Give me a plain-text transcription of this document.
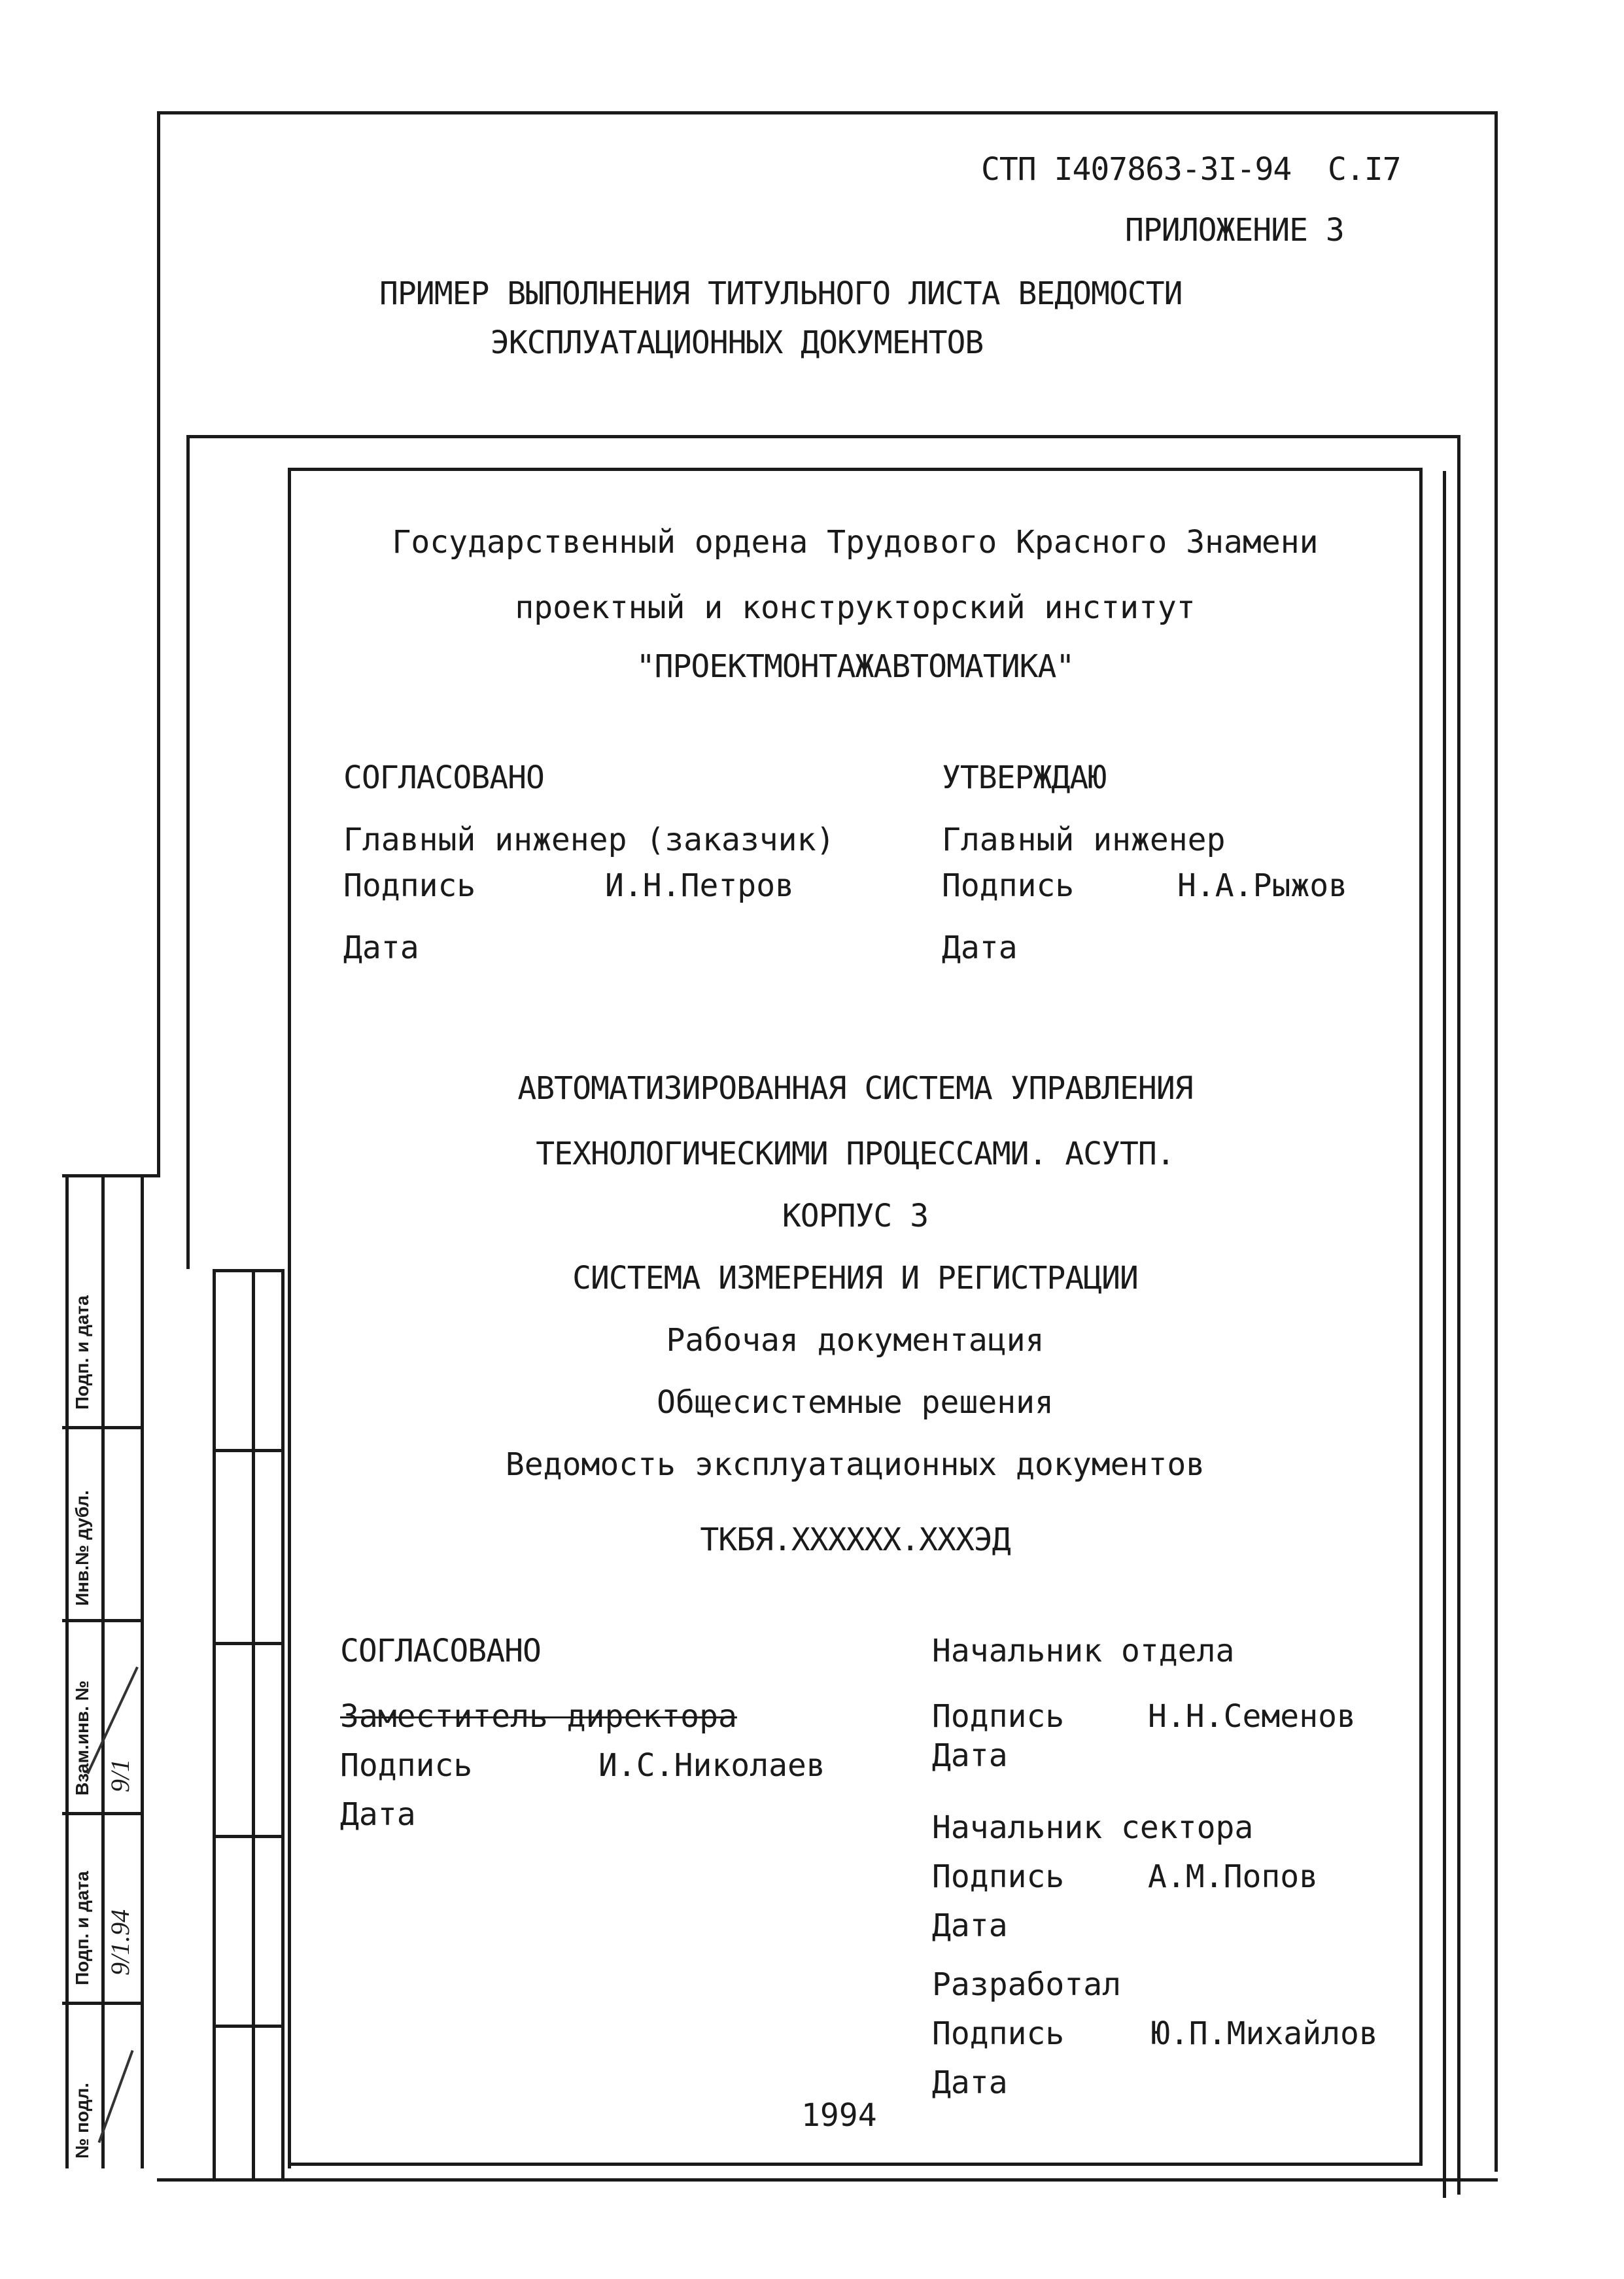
Подп. и дата
Инв.№ дубл.
Взам.инв. №
Подп. и дата
№ подл.
9/1
9/1.94
СТП I407863-3I-94 С.I7
ПРИЛОЖЕНИЕ 3
ПРИМЕР ВЫПОЛНЕНИЯ ТИТУЛЬНОГО ЛИСТА ВЕДОМОСТИ
ЭКСПЛУАТАЦИОННЫХ ДОКУМЕНТОВ
Государственный ордена Трудового Красного Знамени
проектный и конструкторский институт
"ПРОЕКТМОНТАЖАВТОМАТИКА"
СОГЛАСОВАНО
Главный инженер (заказчик)
Подпись	И.Н.Петров
Дата
УТВЕРЖДАЮ
Главный инженер
Подпись	Н.А.Рыжов
Дата
АВТОМАТИЗИРОВАННАЯ СИСТЕМА УПРАВЛЕНИЯ
ТЕХНОЛОГИЧЕСКИМИ ПРОЦЕССАМИ. АСУТП.
КОРПУС 3
СИСТЕМА ИЗМЕРЕНИЯ И РЕГИСТРАЦИИ
Рабочая документация
Общесистемные решения
Ведомость эксплуатационных документов
ТКБЯ.XXXXXX.XXXЭД
СОГЛАСОВАНО
Заместитель директора
Подпись	И.С.Николаев
Дата
Начальник отдела
Подпись	Н.Н.Семенов
Дата
Начальник сектора
Подпись	А.М.Попов
Дата
Разработал
Подпись	Ю.П.Михайлов
Дата
1994
